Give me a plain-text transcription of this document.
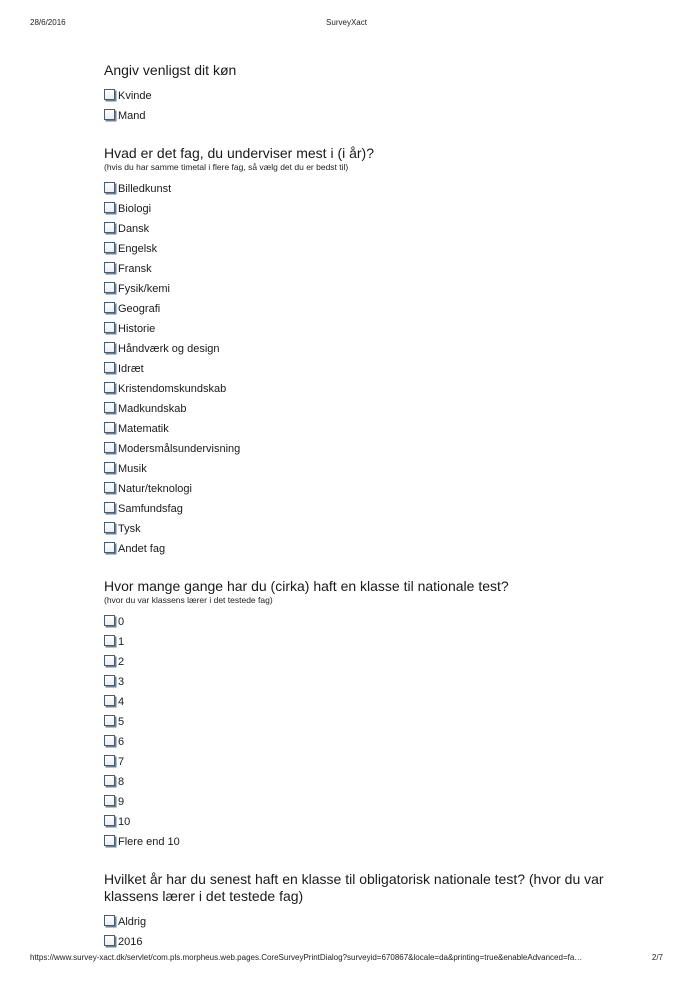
28/6/2016	SurveyXact
Angiv venligst dit køn
Kvinde
Mand
Hvad er det fag, du underviser mest i (i år)?
(hvis du har samme timetal i flere fag, så vælg det du er bedst til)
Billedkunst
Biologi
Dansk
Engelsk
Fransk
Fysik/kemi
Geografi
Historie
Håndværk og design
Idræt
Kristendomskundskab
Madkundskab
Matematik
Modersmålsundervisning
Musik
Natur/teknologi
Samfundsfag
Tysk
Andet fag
Hvor mange gange har du (cirka) haft en klasse til nationale test?
(hvor du var klassens lærer i det testede fag)
0
1
2
3
4
5
6
7
8
9
10
Flere end 10
Hvilket år har du senest haft en klasse til obligatorisk nationale test? (hvor du var klassens lærer i det testede fag)
Aldrig
2016
https://www.survey-xact.dk/servlet/com.pls.morpheus.web.pages.CoreSurveyPrintDialog?surveyid=670867&locale=da&printing=true&enableAdvanced=fa…	2/7
